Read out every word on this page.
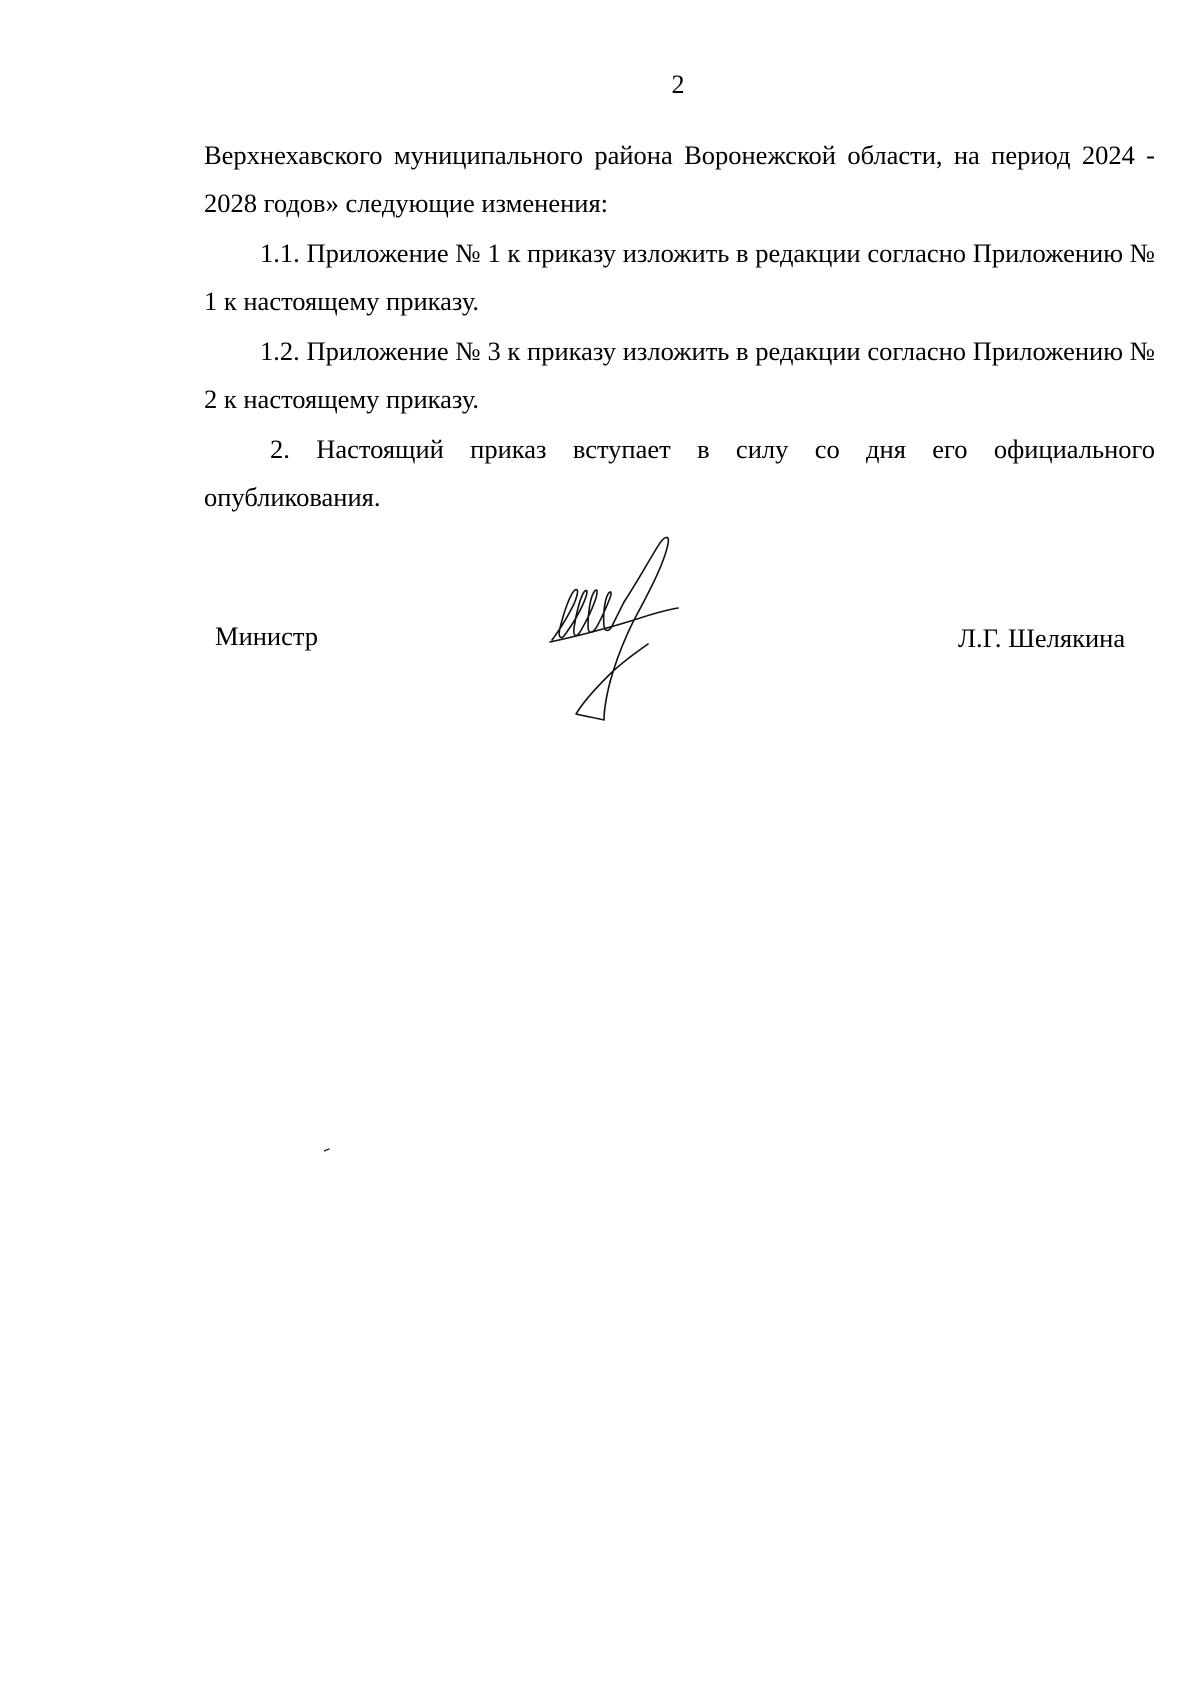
2

Верхнехавского муниципального района Воронежской области, на период 2024 - 2028 годов» следующие изменения:

1.1. Приложение № 1 к приказу изложить в редакции согласно Приложению № 1 к настоящему приказу.

1.2. Приложение № 3 к приказу изложить в редакции согласно Приложению № 2 к настоящему приказу.

2. Настоящий приказ вступает в силу со дня его официального опубликования.

Министр	Л.Г. Шелякина
